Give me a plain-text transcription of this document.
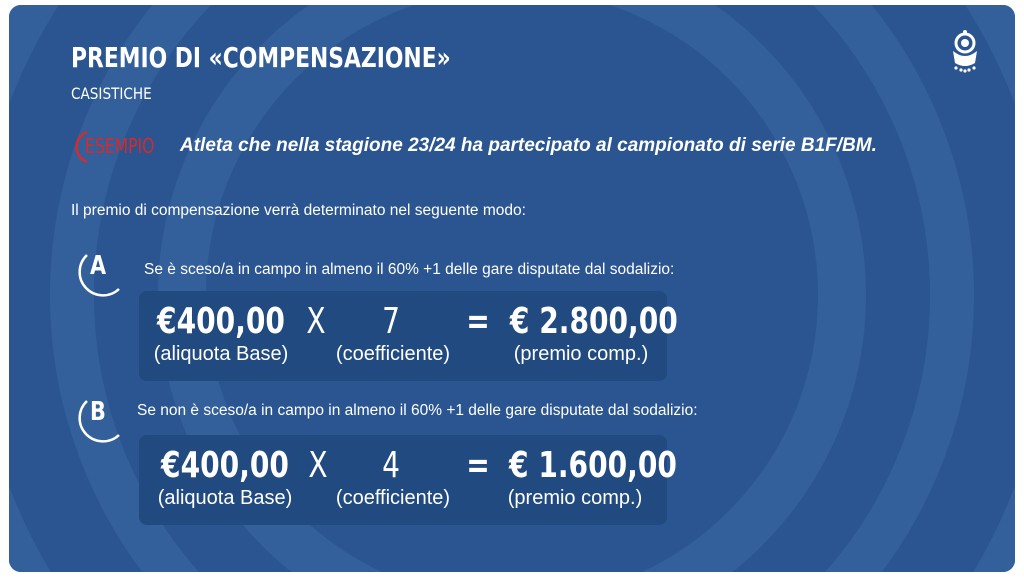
PREMIO DI «COMPENSAZIONE»
CASISTICHE
ESEMPIO Atleta che nella stagione 23/24 ha partecipato al campionato di serie B1F/BM.
Il premio di compensazione verrà determinato nel seguente modo:
A Se è sceso/a in campo in almeno il 60% +1 delle gare disputate dal sodalizio:
€400,00
(aliquota Base)
X 7
(coefficiente)
= € 2.800,00
(premio comp.)
B Se non è sceso/a in campo in almeno il 60% +1 delle gare disputate dal sodalizio:
€400,00
(aliquota Base)
X 4
(coefficiente)
= € 1.600,00
(premio comp.)
